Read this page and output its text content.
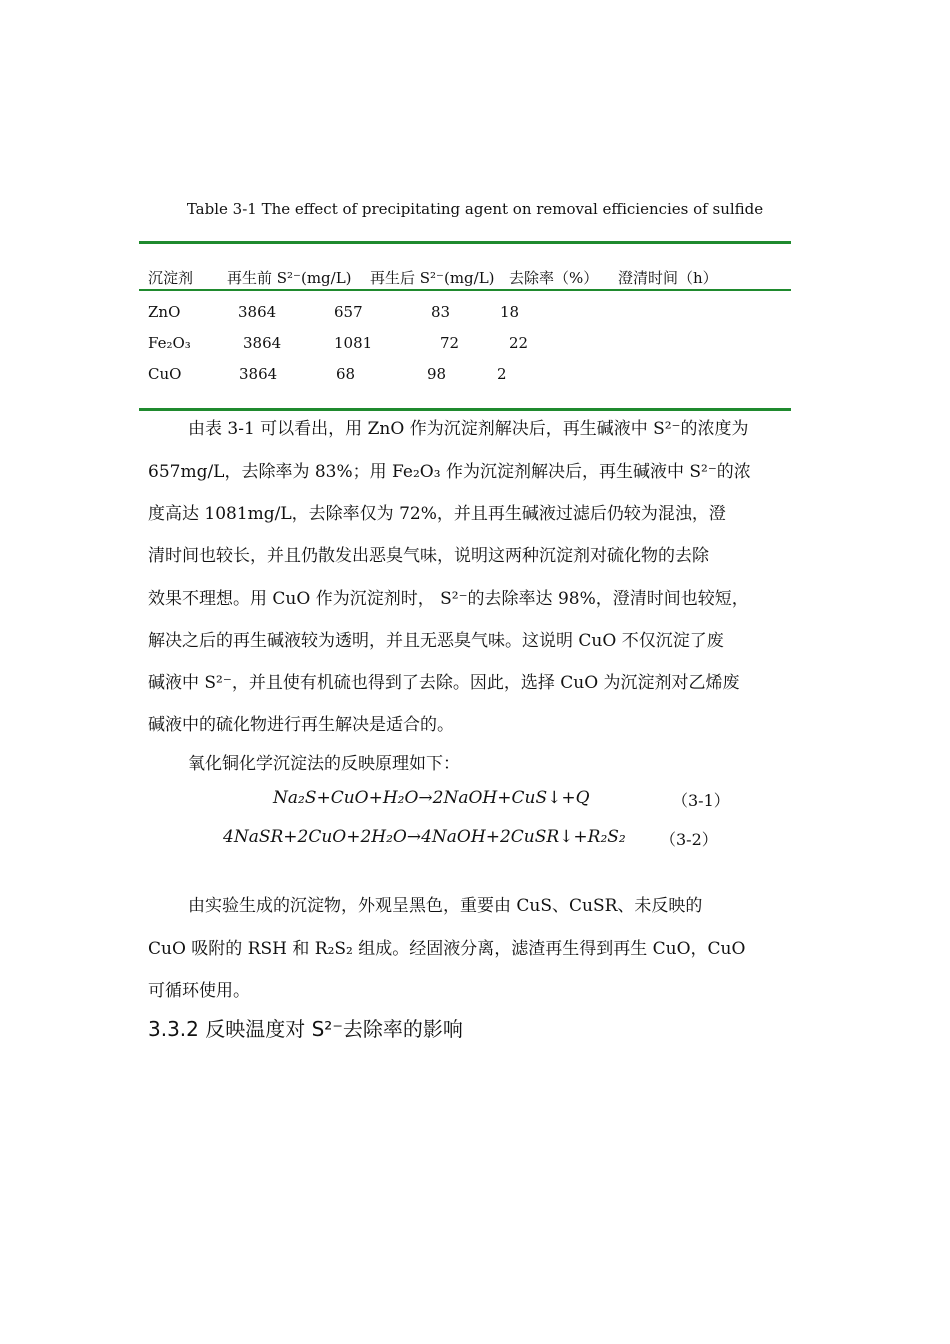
Table 3-1 The effect of precipitating agent on removal efficiencies of sulfide
沉淀剂 再生前 S²⁻(mg/L) 再生后 S²⁻(mg/L) 去除率（%） 澄清时间（h）
ZnO	3864	657	83	18
Fe₂O₃	3864	1081	72	22
CuO	3864	68	98	2
由表 3-1 可以看出，用 ZnO 作为沉淀剂解决后，再生碱液中 S²⁻的浓度为
657mg/L，去除率为 83%；用 Fe₂O₃ 作为沉淀剂解决后，再生碱液中 S²⁻的浓
度高达 1081mg/L，去除率仅为 72%，并且再生碱液过滤后仍较为混浊，澄
清时间也较长，并且仍散发出恶臭气味，说明这两种沉淀剂对硫化物的去除
效果不理想。用 CuO 作为沉淀剂时， S²⁻的去除率达 98%，澄清时间也较短，
解决之后的再生碱液较为透明，并且无恶臭气味。这说明 CuO 不仅沉淀了废
碱液中 S²⁻，并且使有机硫也得到了去除。因此，选择 CuO 为沉淀剂对乙烯废
碱液中的硫化物进行再生解决是适合的。
氧化铜化学沉淀法的反映原理如下：
Na₂S+CuO+H₂O→2NaOH+CuS↓+Q	（3-1）
4NaSR+2CuO+2H₂O→4NaOH+2CuSR↓+R₂S₂ （3-2）
由实验生成的沉淀物，外观呈黑色，重要由 CuS、CuSR、未反映的
CuO 吸附的 RSH 和 R₂S₂ 组成。经固液分离，滤渣再生得到再生 CuO，CuO
可循环使用。
3.3.2 反映温度对 S²⁻去除率的影响
